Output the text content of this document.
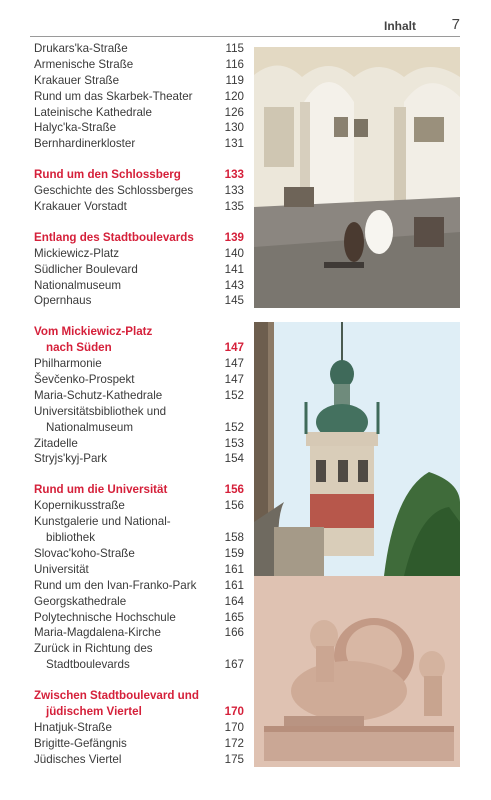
Inhalt 7
Drukars'ka-Straße	115
Armenische Straße	116
Krakauer Straße	119
Rund um das Skarbek-Theater	120
Lateinische Kathedrale	126
Halyc'ka-Straße	130
Bernhardinerkloster	131
Rund um den Schlossberg	133
Geschichte des Schlossberges	133
Krakauer Vorstadt	135
Entlang des Stadtboulevards	139
Mickiewicz-Platz	140
Südlicher Boulevard	141
Nationalmuseum	143
Opernhaus	145
Vom Mickiewicz-Platz
nach Süden	147
Philharmonie	147
Ševčenko-Prospekt	147
Maria-Schutz-Kathedrale	152
Universitätsbibliothek und
Nationalmuseum	152
Zitadelle	153
Stryjs'kyj-Park	154
Rund um die Universität	156
Kopernikusstraße	156
Kunstgalerie und National-
bibliothek	158
Slovac'koho-Straße	159
Universität	161
Rund um den Ivan-Franko-Park 161
Georgskathedrale	164
Polytechnische Hochschule	165
Maria-Magdalena-Kirche	166
Zurück in Richtung des
Stadtboulevards	167
Zwischen Stadtboulevard und
jüdischem Viertel	170
Hnatjuk-Straße	170
Brigitte-Gefängnis	172
Jüdisches Viertel	175
